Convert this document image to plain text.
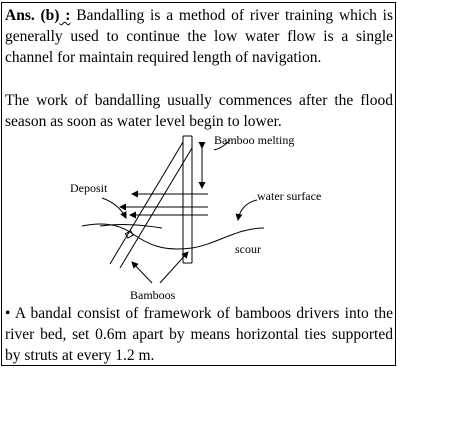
Ans. (b) : Bandalling is a method of river training which is generally used to continue the low water flow is a single channel for maintain required length of navigation.
The work of bandalling usually commences after the flood season as soon as water level begin to lower.
Bamboo melting
Deposit
water surface
scour
Bamboos
• A bandal consist of framework of bamboos drivers into the river bed, set 0.6m apart by means horizontal ties supported by struts at every 1.2 m.
